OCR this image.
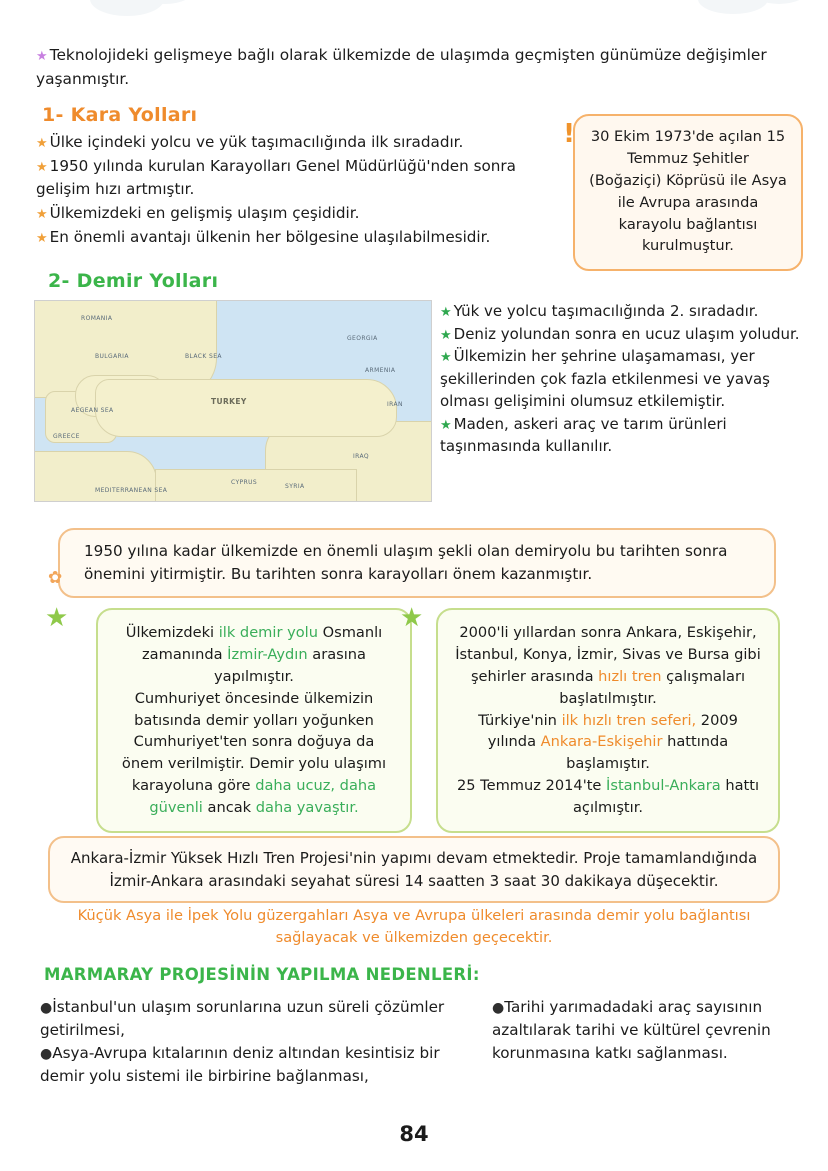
★ Teknolojideki gelişmeye bağlı olarak ülkemizde de ulaşımda geçmişten günümüze değişimler yaşanmıştır.
1- Kara Yolları
★ Ülke içindeki yolcu ve yük taşımacılığında ilk sıradadır.
★ 1950 yılında kurulan Karayolları Genel Müdürlüğü'nden sonra gelişim hızı artmıştır.
★ Ülkemizdeki en gelişmiş ulaşım çeşididir.
★ En önemli avantajı ülkenin her bölgesine ulaşılabilmesidir.
! 30 Ekim 1973'de açılan 15 Temmuz Şehitler (Boğaziçi) Köprüsü ile Asya ile Avrupa arasında karayolu bağlantısı kurulmuştur.
2- Demir Yolları
TURKEY
BLACK SEA
ROMANIA
BULGARIA
GEORGIA
ARMENIA
IRAN
IRAQ
SYRIA
GREECE
MEDITERRANEAN SEA
AEGEAN SEA
CYPRUS
★ Yük ve yolcu taşımacılığında 2. sıradadır.
★ Deniz yolundan sonra en ucuz ulaşım yoludur.
★ Ülkemizin her şehrine ulaşamaması, yer şekillerinden çok fazla etkilenmesi ve yavaş olması gelişimini olumsuz etkilemiştir.
★ Maden, askeri araç ve tarım ürünleri taşınmasında kullanılır.
✿
1950 yılına kadar ülkemizde en önemli ulaşım şekli olan demiryolu bu tarihten sonra önemini yitirmiştir. Bu tarihten sonra karayolları önem kazanmıştır.
★	Ülkemizdeki ilk demir yolu Osmanlı zamanında İzmir-Aydın arasına yapılmıştır.
Cumhuriyet öncesinde ülkemizin batısında demir yolları yoğunken Cumhuriyet'ten sonra doğuya da önem verilmiştir. Demir yolu ulaşımı karayoluna göre daha ucuz, daha güvenli ancak daha yavaştır.
★	2000'li yıllardan sonra Ankara, Eskişehir, İstanbul, Konya, İzmir, Sivas ve Bursa gibi şehirler arasında hızlı tren çalışmaları başlatılmıştır.
Türkiye'nin ilk hızlı tren seferi, 2009 yılında Ankara-Eskişehir hattında başlamıştır.
25 Temmuz 2014'te İstanbul-Ankara hattı açılmıştır.
Ankara-İzmir Yüksek Hızlı Tren Projesi'nin yapımı devam etmektedir. Proje tamamlandığında İzmir-Ankara arasındaki seyahat süresi 14 saatten 3 saat 30 dakikaya düşecektir.
Küçük Asya ile İpek Yolu güzergahları Asya ve Avrupa ülkeleri arasında demir yolu bağlantısı sağlayacak ve ülkemizden geçecektir.
MARMARAY PROJESİNİN YAPILMA NEDENLERİ:
●İstanbul'un ulaşım sorunlarına uzun süreli çözümler getirilmesi,
●Asya-Avrupa kıtalarının deniz altından kesintisiz bir demir yolu sistemi ile birbirine bağlanması,
●Tarihi yarımadadaki araç sayısının azaltılarak tarihi ve kültürel çevrenin korunmasına katkı sağlanması.
84
